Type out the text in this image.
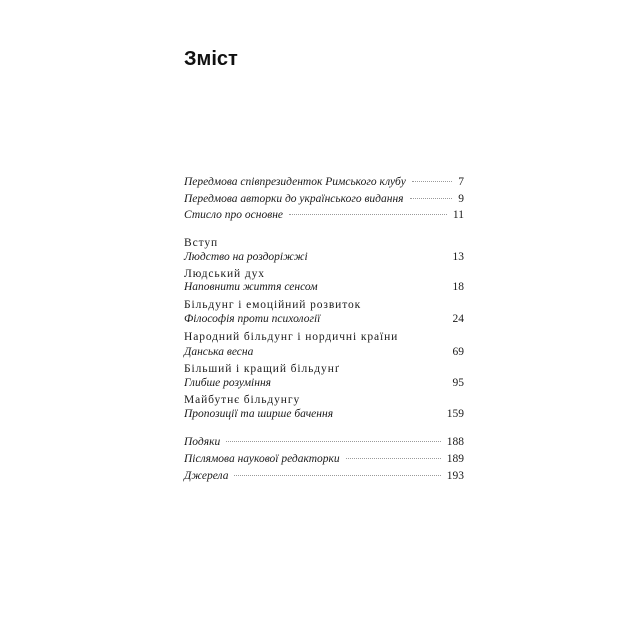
Зміст
Передмова співпрезиденток Римського клубу	7
Передмова авторки до українського видання	9
Стисло про основне	11
Вступ
Людство на роздоріжжі	13
Людський дух
Наповнити життя сенсом	18
Більдунг і емоційний розвиток
Філософія проти психології	24
Народний більдунг і нордичні країни
Данська весна	69
Більший і кращий більдунґ
Глибше розуміння	95
Майбутнє більдунгу
Пропозиції та ширше бачення	159
Подяки	188
Післямова наукової редакторки	189
Джерела	193
